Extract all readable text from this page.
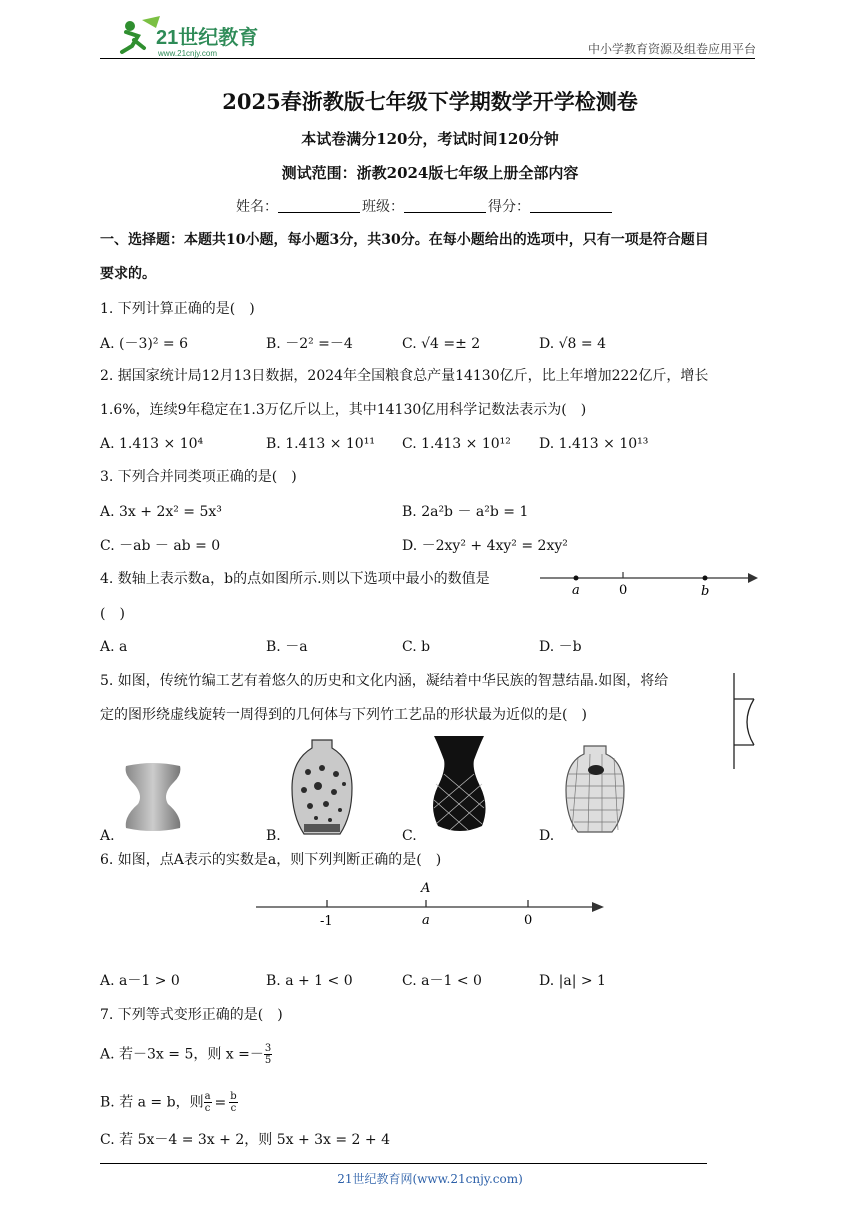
21世纪教育
www.21cnjy.com	中小学教育资源及组卷应用平台
2025春浙教版七年级下学期数学开学检测卷
本试卷满分120分，考试时间120分钟
测试范围：浙教2024版七年级上册全部内容
姓名：	班级：	得分：
一、选择题：本题共10小题，每小题3分，共30分。在每小题给出的选项中，只有一项是符合题目
要求的。
1. 下列计算正确的是(　)
A. (－3)² = 6	B. －2² =－4	C. √4 =± 2	D. √8 = 4
2. 据国家统计局12月13日数据，2024年全国粮食总产量14130亿斤，比上年增加222亿斤，增长
1.6%，连续9年稳定在1.3万亿斤以上，其中14130亿用科学记数法表示为(　)
A. 1.413 × 10⁴	B. 1.413 × 10¹¹ C. 1.413 × 10¹² D. 1.413 × 10¹³
3. 下列合并同类项正确的是(　)
A. 3x + 2x² = 5x³	B. 2a²b － a²b = 1
C. －ab － ab = 0	D. －2xy² + 4xy² = 2xy²
4. 数轴上表示数a，b的点如图所示.则以下选项中最小的数值是
(　)
a	0	b
A. a	B. －a	C. b	D. －b
5. 如图，传统竹编工艺有着悠久的历史和文化内涵，凝结着中华民族的智慧结晶.如图，将给
定的图形绕虚线旋转一周得到的几何体与下列竹工艺品的形状最为近似的是(　)
A.	B.	C.	D.
6. 如图，点A表示的实数是a，则下列判断正确的是(　)
A
-1	a	0
A. a－1 > 0	B. a + 1 < 0	C. a－1 < 0	D. |a| > 1
7. 下列等式变形正确的是(　)
A. 若－3x = 5，则 $x =- \frac{3}{5}$
B. 若 a = b，则 $\frac{a}{c} = \frac{b}{c}$
C. 若 5x－4 = 3x + 2，则 5x + 3x = 2 + 4
21世纪教育网(www.21cnjy.com)
